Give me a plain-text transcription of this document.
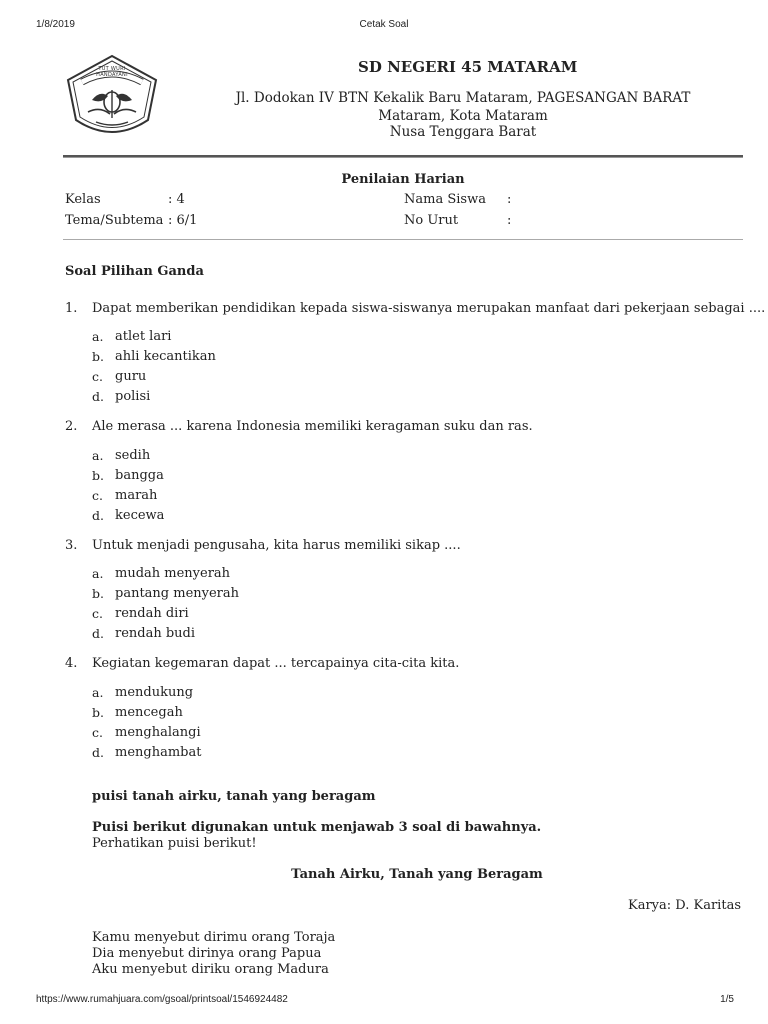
1/8/2019	Cetak Soal
TUT WURI HANDAYANI	SD NEGERI 45 MATARAM
Jl. Dodokan IV BTN Kekalik Baru Mataram, PAGESANGAN BARAT
Mataram, Kota Mataram
Nusa Tenggara Barat
Penilaian Harian
Kelas	: 4	Nama Siswa :
Tema/Subtema : 6/1	No Urut	:
Soal Pilihan Ganda
1. Dapat memberikan pendidikan kepada siswa-siswanya merupakan manfaat dari pekerjaan sebagai ....
a. atlet lari
b. ahli kecantikan
c. guru
d. polisi
2. Ale merasa ... karena Indonesia memiliki keragaman suku dan ras.
a. sedih
b. bangga
c. marah
d. kecewa
3. Untuk menjadi pengusaha, kita harus memiliki sikap ....
a. mudah menyerah
b. pantang menyerah
c. rendah diri
d. rendah budi
4. Kegiatan kegemaran dapat ... tercapainya cita-cita kita.
a. mendukung
b. mencegah
c. menghalangi
d. menghambat
puisi tanah airku, tanah yang beragam
Puisi berikut digunakan untuk menjawab 3 soal di bawahnya.
Perhatikan puisi berikut!
Tanah Airku, Tanah yang Beragam
Karya: D. Karitas
Kamu menyebut dirimu orang Toraja
Dia menyebut dirinya orang Papua
Aku menyebut diriku orang Madura
https://www.rumahjuara.com/gsoal/printsoal/1546924482	1/5
